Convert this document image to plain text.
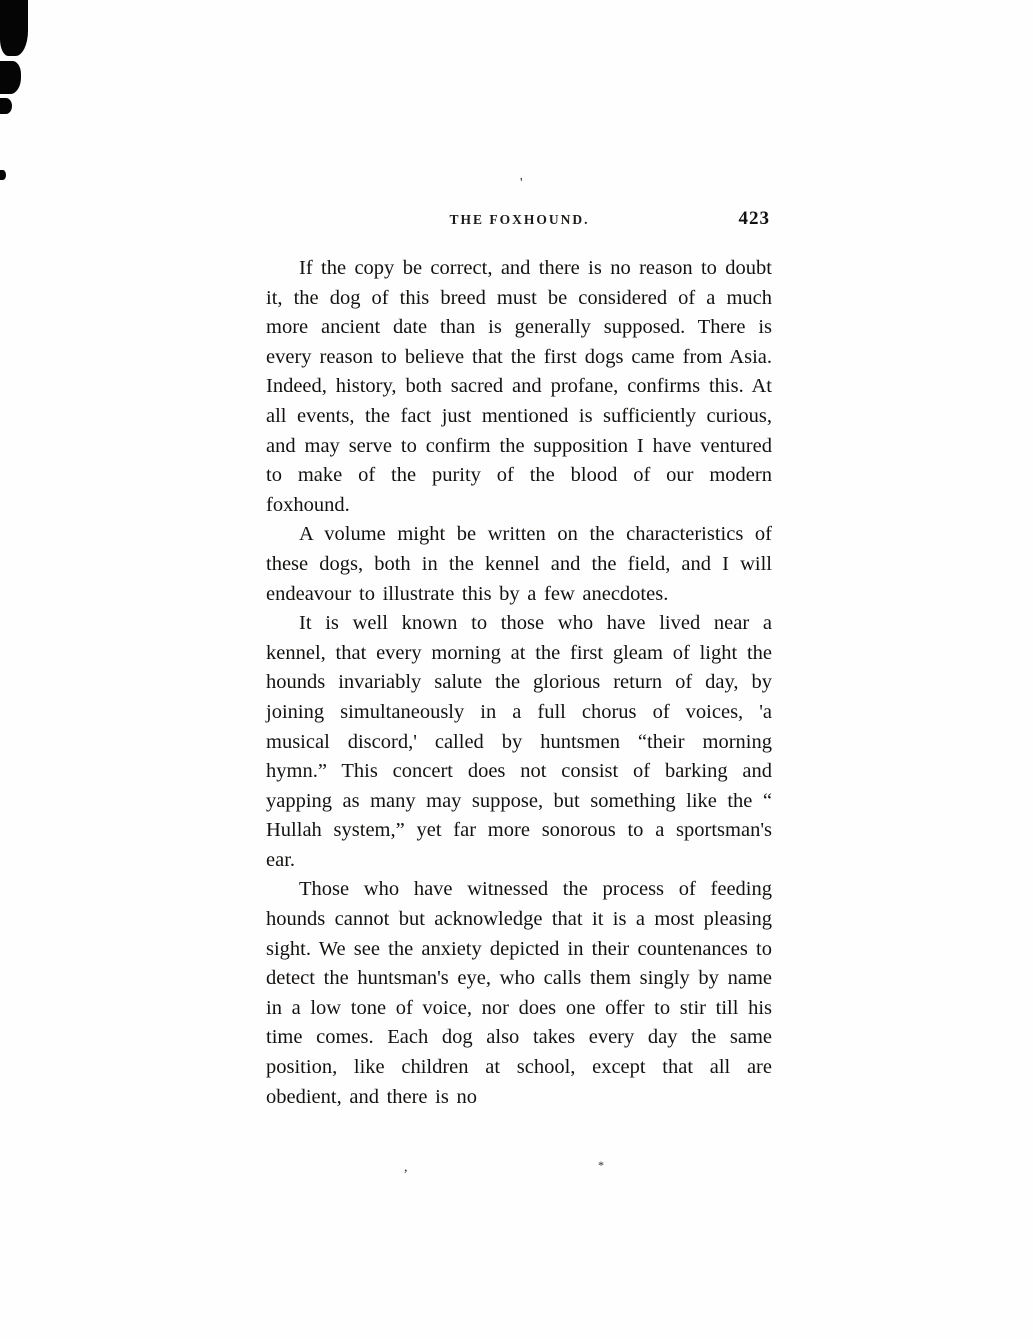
'
THE FOXHOUND.	423

If the copy be correct, and there is no reason to doubt it, the dog of this breed must be considered of a much more ancient date than is generally supposed. There is every reason to believe that the first dogs came from Asia. Indeed, history, both sacred and profane, confirms this. At all events, the fact just mentioned is sufficiently curious, and may serve to confirm the supposition I have ventured to make of the purity of the blood of our modern foxhound.

A volume might be written on the characteristics of these dogs, both in the kennel and the field, and I will endeavour to illustrate this by a few anecdotes.

It is well known to those who have lived near a kennel, that every morning at the first gleam of light the hounds invariably salute the glorious return of day, by joining simultaneously in a full chorus of voices, 'a musical discord,' called by huntsmen “their morning hymn.” This concert does not consist of barking and yapping as many may suppose, but something like the “ Hullah system,” yet far more sonorous to a sportsman's ear.

Those who have witnessed the process of feeding hounds cannot but acknowledge that it is a most pleasing sight. We see the anxiety depicted in their countenances to detect the huntsman's eye, who calls them singly by name in a low tone of voice, nor does one offer to stir till his time comes. Each dog also takes every day the same position, like children at school, except that all are obedient, and there is no

,	*
